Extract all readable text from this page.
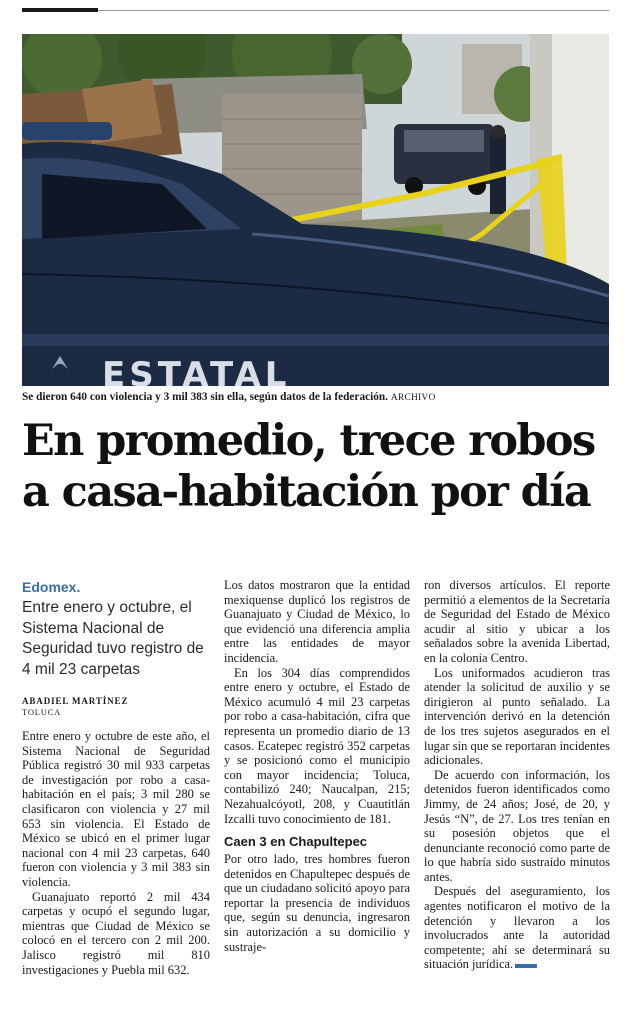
ESTATAL
Se dieron 640 con violencia y 3 mil 383 sin ella, según datos de la federación. ARCHIVO
En promedio, trece robos a casa-habitación por día
Edomex.
Entre enero y octubre, el Sistema Nacional de Seguridad tuvo registro de 4 mil 23 carpetas
ABADIEL MARTÍNEZ
TOLUCA

Entre enero y octubre de este año, el Sistema Nacional de Seguridad Pública registró 30 mil 933 carpetas de investigación por robo a casa-habitación en el país; 3 mil 280 se clasificaron con violencia y 27 mil 653 sin violencia. El Estado de México se ubicó en el primer lugar nacional con 4 mil 23 carpetas, 640 fueron con violencia y 3 mil 383 sin violencia.

Guanajuato reportó 2 mil 434 carpetas y ocupó el segundo lugar, mientras que Ciudad de México se colocó en el tercero con 2 mil 200. Jalisco registró mil 810 investigaciones y Puebla mil 632.

Los datos mostraron que la entidad mexiquense duplicó los registros de Guanajuato y Ciudad de México, lo que evidenció una diferencia amplia entre las entidades de mayor incidencia.

En los 304 días comprendidos entre enero y octubre, el Estado de México acumuló 4 mil 23 carpetas por robo a casa-habitación, cifra que representa un promedio diario de 13 casos. Ecatepec registró 352 carpetas y se posicionó como el municipio con mayor incidencia; Toluca, contabilizó 240; Naucalpan, 215; Nezahualcóyotl, 208, y Cuautitlán Izcalli tuvo conocimiento de 181.

Caen 3 en Chapultepec

Por otro lado, tres hombres fueron detenidos en Chapultepec después de que un ciudadano solicitó apoyo para reportar la presencia de individuos que, según su denuncia, ingresaron sin autorización a su domicilio y sustraje-

ron diversos artículos. El reporte permitió a elementos de la Secretaría de Seguridad del Estado de México acudir al sitio y ubicar a los señalados sobre la avenida Libertad, en la colonia Centro.

Los uniformados acudieron tras atender la solicitud de auxilio y se dirigieron al punto señalado. La intervención derivó en la detención de los tres sujetos asegurados en el lugar sin que se reportaran incidentes adicionales.

De acuerdo con información, los detenidos fueron identificados como Jimmy, de 24 años; José, de 20, y Jesús “N”, de 27. Los tres tenían en su posesión objetos que el denunciante reconoció como parte de lo que habría sido sustraído minutos antes.

Después del aseguramiento, los agentes notificaron el motivo de la detención y llevaron a los involucrados ante la autoridad competente; ahí se determinará su situación jurídica.
